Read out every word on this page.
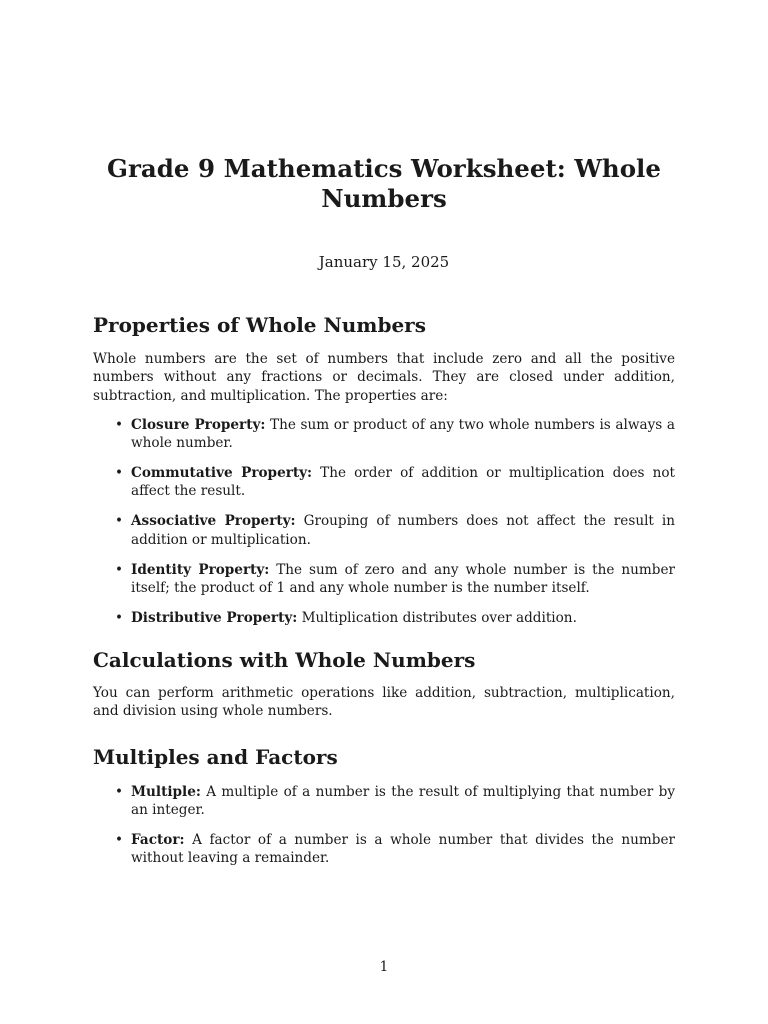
Grade 9 Mathematics Worksheet: Whole Numbers
January 15, 2025
Properties of Whole Numbers

Whole numbers are the set of numbers that include zero and all the positive numbers without any fractions or decimals. They are closed under addition, subtraction, and multiplication. The properties are:

• Closure Property: The sum or product of any two whole numbers is always a whole number.
• Commutative Property: The order of addition or multiplication does not affect the result.
• Associative Property: Grouping of numbers does not affect the result in addition or multiplication.
• Identity Property: The sum of zero and any whole number is the number itself; the product of 1 and any whole number is the number itself.
• Distributive Property: Multiplication distributes over addition.
Calculations with Whole Numbers

You can perform arithmetic operations like addition, subtraction, multiplication, and division using whole numbers.

Multiples and Factors
• Multiple: A multiple of a number is the result of multiplying that number by an integer.
• Factor: A factor of a number is a whole number that divides the number without leaving a remainder.
1
